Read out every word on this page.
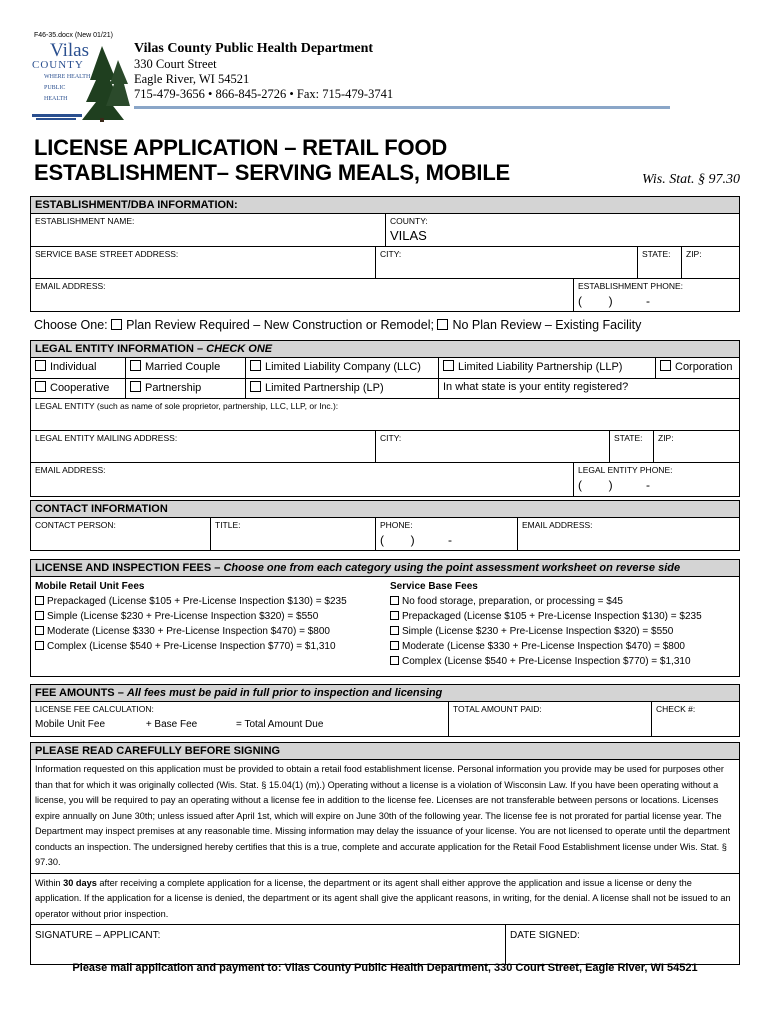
F46-35.docx (New 01/21)
Vilas
COUNTY
WHERE HEALTH
PUBLIC
HEALTH
Vilas County Public Health Department
330 Court Street
Eagle River, WI 54521
715-479-3656 • 866-845-2726 • Fax: 715-479-3741
LICENSE APPLICATION – RETAIL FOOD
ESTABLISHMENT– SERVING MEALS, MOBILE	Wis. Stat. § 97.30
ESTABLISHMENT/DBA INFORMATION:
ESTABLISHMENT NAME:	COUNTY:
VILAS
SERVICE BASE STREET ADDRESS:	CITY:	STATE:	ZIP:
EMAIL ADDRESS:	ESTABLISHMENT PHONE:
(        )          -
Choose One: Plan Review Required – New Construction or Remodel; No Plan Review – Existing Facility
LEGAL ENTITY INFORMATION – CHECK ONE
Individual	Married Couple	Limited Liability Company (LLC)	Limited Liability Partnership (LLP)	Corporation
Cooperative	Partnership	Limited Partnership (LP)	In what state is your entity registered?
LEGAL ENTITY (such as name of sole proprietor, partnership, LLC, LLP, or Inc.):
LEGAL ENTITY MAILING ADDRESS:	CITY:	STATE:	ZIP:
EMAIL ADDRESS:	LEGAL ENTITY PHONE:
(        )          -
CONTACT INFORMATION
CONTACT PERSON:	TITLE:	PHONE:
(        )          -
EMAIL ADDRESS:
LICENSE AND INSPECTION FEES – Choose one from each category using the point assessment worksheet on reverse side
Mobile Retail Unit Fees
Prepackaged (License $105 + Pre-License Inspection $130) = $235
Simple (License $230 + Pre-License Inspection $320) = $550
Moderate (License $330 + Pre-License Inspection $470) = $800
Complex (License $540 + Pre-License Inspection $770) = $1,310
Service Base Fees
No food storage, preparation, or processing = $45
Prepackaged (License $105 + Pre-License Inspection $130) = $235
Simple (License $230 + Pre-License Inspection $320) = $550
Moderate (License $330 + Pre-License Inspection $470) = $800
Complex (License $540 + Pre-License Inspection $770) = $1,310
FEE AMOUNTS – All fees must be paid in full prior to inspection and licensing
LICENSE FEE CALCULATION:
Mobile Unit Fee	+ Base Fee	= Total Amount Due
TOTAL AMOUNT PAID:	CHECK #:
PLEASE READ CAREFULLY BEFORE SIGNING
Information requested on this application must be provided to obtain a retail food establishment license. Personal information you provide may be used for purposes other than that for which it was originally collected (Wis. Stat. § 15.04(1) (m).) Operating without a license is a violation of Wisconsin Law. If you have been operating without a license, you will be required to pay an operating without a license fee in addition to the license fee. Licenses are not transferable between persons or locations. Licenses expire annually on June 30th; unless issued after April 1st, which will expire on June 30th of the following year. The license fee is not prorated for partial license year. The Department may inspect premises at any reasonable time. Missing information may delay the issuance of your license. You are not licensed to operate until the department conducts an inspection. The undersigned hereby certifies that this is a true, complete and accurate application for the Retail Food Establishment license under Wis. Stat. § 97.30.
Within 30 days after receiving a complete application for a license, the department or its agent shall either approve the application and issue a license or deny the application. If the application for a license is denied, the department or its agent shall give the applicant reasons, in writing, for the denial. A license shall not be issued to an operator without prior inspection.
SIGNATURE – APPLICANT:	DATE SIGNED:
Please mail application and payment to: Vilas County Public Health Department, 330 Court Street, Eagle River, WI 54521
